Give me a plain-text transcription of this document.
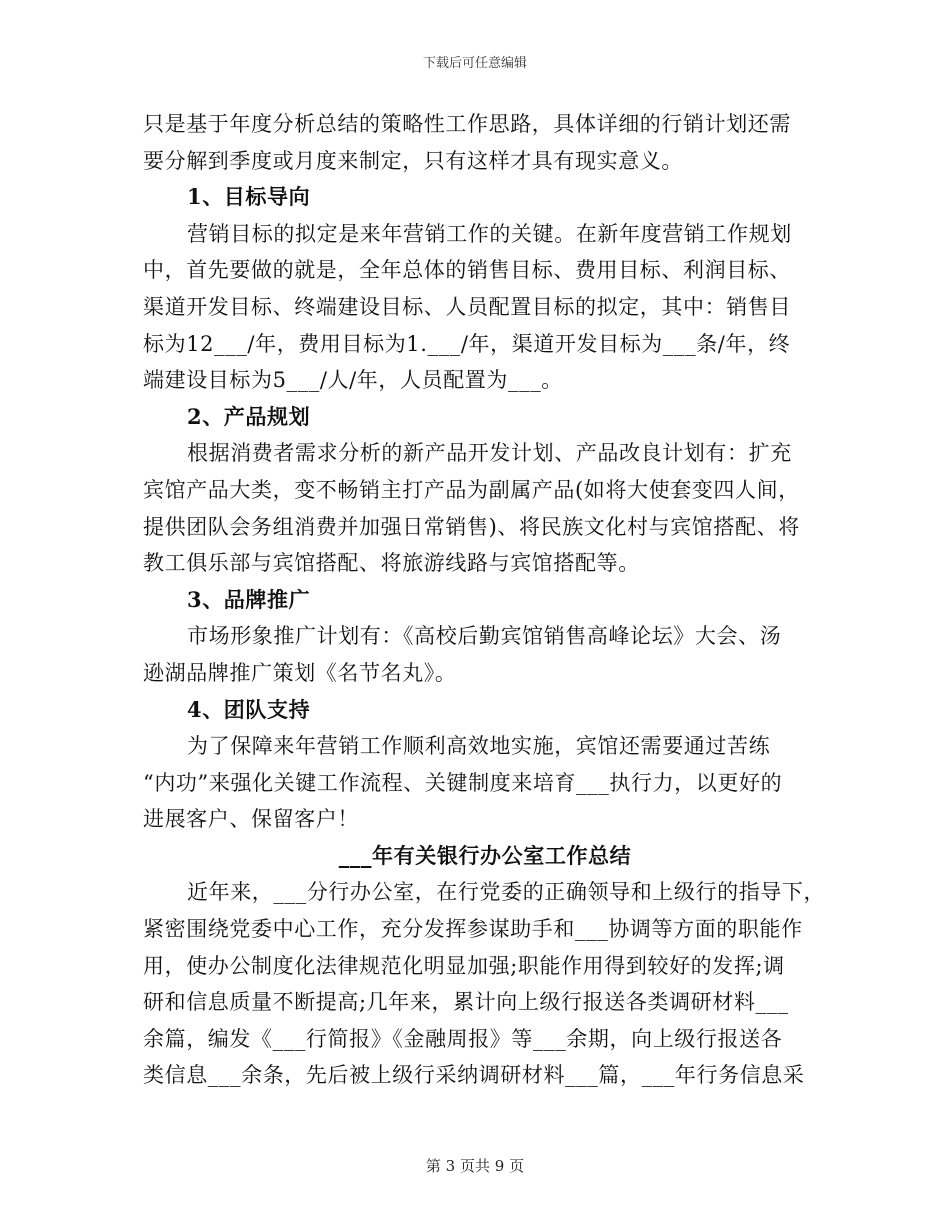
下载后可任意编辑
只是基于年度分析总结的策略性工作思路，具体详细的行销计划还需
要分解到季度或月度来制定，只有这样才具有现实意义。
1、目标导向
营销目标的拟定是来年营销工作的关键。在新年度营销工作规划
中，首先要做的就是，全年总体的销售目标、费用目标、利润目标、
渠道开发目标、终端建设目标、人员配置目标的拟定，其中：销售目
标为12___/年，费用目标为1.___/年，渠道开发目标为___条/年，终
端建设目标为5___/人/年，人员配置为___。
2、产品规划
根据消费者需求分析的新产品开发计划、产品改良计划有：扩充
宾馆产品大类，变不畅销主打产品为副属产品(如将大使套变四人间，
提供团队会务组消费并加强日常销售)、将民族文化村与宾馆搭配、将
教工俱乐部与宾馆搭配、将旅游线路与宾馆搭配等。
3、品牌推广
市场形象推广计划有：《高校后勤宾馆销售高峰论坛》大会、汤
逊湖品牌推广策划《名节名丸》。
4、团队支持
为了保障来年营销工作顺利高效地实施，宾馆还需要通过苦练
“内功”来强化关键工作流程、关键制度来培育___执行力，以更好的
进展客户、保留客户！
___年有关银行办公室工作总结
近年来，___分行办公室，在行党委的正确领导和上级行的指导下，
紧密围绕党委中心工作，充分发挥参谋助手和___协调等方面的职能作
用，使办公制度化法律规范化明显加强;职能作用得到较好的发挥;调
研和信息质量不断提高;几年来，累计向上级行报送各类调研材料___
余篇，编发《___行简报》《金融周报》等___余期，向上级行报送各
类信息___余条，先后被上级行采纳调研材料___篇，___年行务信息采
第 3 页共 9 页
